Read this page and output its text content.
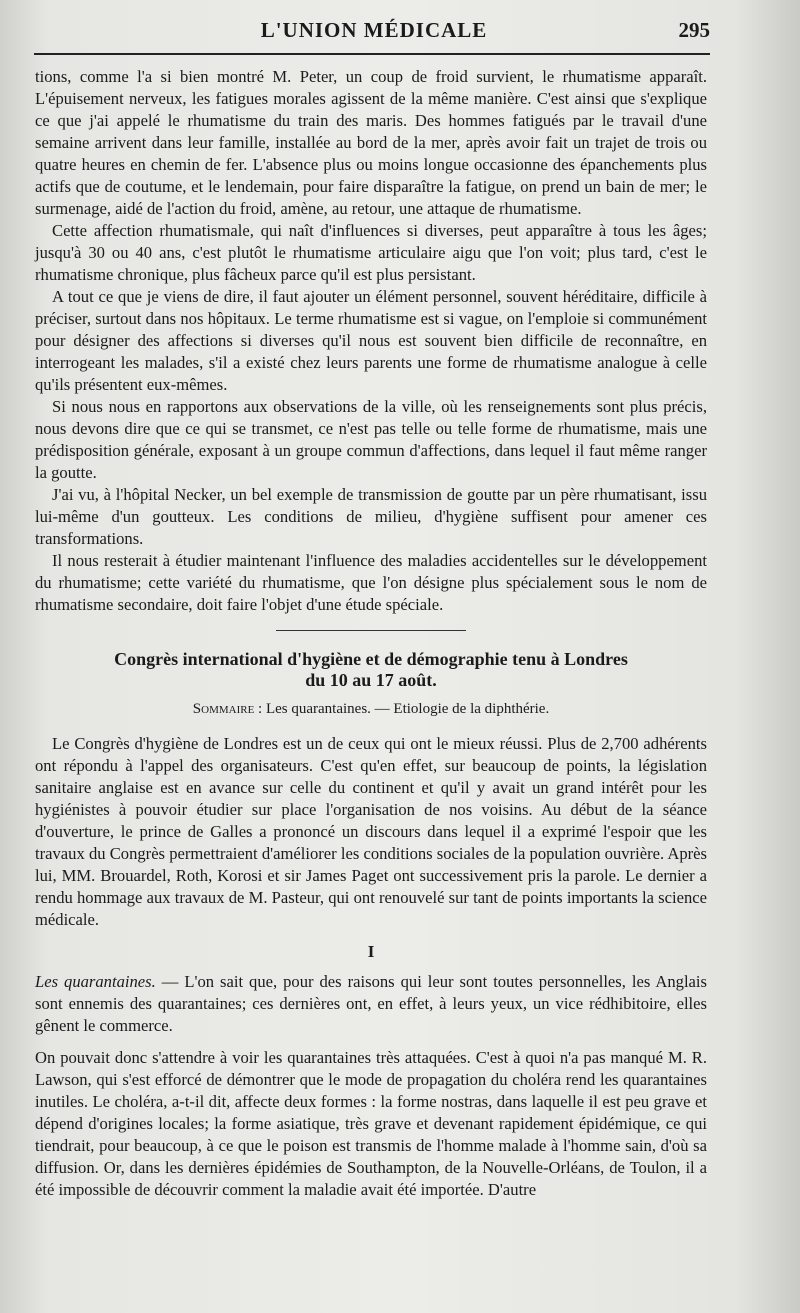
L'UNION MÉDICALE	295

tions, comme l'a si bien montré M. Peter, un coup de froid survient, le rhumatisme apparaît. L'épuisement nerveux, les fatigues morales agissent de la même manière. C'est ainsi que s'explique ce que j'ai appelé le rhumatisme du train des maris. Des hommes fatigués par le travail d'une semaine arrivent dans leur famille, installée au bord de la mer, après avoir fait un trajet de trois ou quatre heures en chemin de fer. L'absence plus ou moins longue occasionne des épanchements plus actifs que de coutume, et le lendemain, pour faire disparaître la fatigue, on prend un bain de mer; le surmenage, aidé de l'action du froid, amène, au retour, une attaque de rhumatisme.

Cette affection rhumatismale, qui naît d'influences si diverses, peut apparaître à tous les âges; jusqu'à 30 ou 40 ans, c'est plutôt le rhumatisme articulaire aigu que l'on voit; plus tard, c'est le rhumatisme chronique, plus fâcheux parce qu'il est plus persistant.

A tout ce que je viens de dire, il faut ajouter un élément personnel, souvent héréditaire, difficile à préciser, surtout dans nos hôpitaux. Le terme rhumatisme est si vague, on l'emploie si communément pour désigner des affections si diverses qu'il nous est souvent bien difficile de reconnaître, en interrogeant les malades, s'il a existé chez leurs parents une forme de rhumatisme analogue à celle qu'ils présentent eux-mêmes.

Si nous nous en rapportons aux observations de la ville, où les renseignements sont plus précis, nous devons dire que ce qui se transmet, ce n'est pas telle ou telle forme de rhumatisme, mais une prédisposition générale, exposant à un groupe commun d'affections, dans lequel il faut même ranger la goutte.

J'ai vu, à l'hôpital Necker, un bel exemple de transmission de goutte par un père rhumatisant, issu lui-même d'un goutteux. Les conditions de milieu, d'hygiène suffisent pour amener ces transformations.

Il nous resterait à étudier maintenant l'influence des maladies accidentelles sur le développement du rhumatisme; cette variété du rhumatisme, que l'on désigne plus spécialement sous le nom de rhumatisme secondaire, doit faire l'objet d'une étude spéciale.

Congrès international d'hygiène et de démographie tenu à Londres
du 10 au 17 août.
Sommaire : Les quarantaines. — Etiologie de la diphthérie.

Le Congrès d'hygiène de Londres est un de ceux qui ont le mieux réussi. Plus de 2,700 adhérents ont répondu à l'appel des organisateurs. C'est qu'en effet, sur beaucoup de points, la législation sanitaire anglaise est en avance sur celle du continent et qu'il y avait un grand intérêt pour les hygiénistes à pouvoir étudier sur place l'organisation de nos voisins. Au début de la séance d'ouverture, le prince de Galles a prononcé un discours dans lequel il a exprimé l'espoir que les travaux du Congrès permettraient d'améliorer les conditions sociales de la population ouvrière. Après lui, MM. Brouardel, Roth, Korosi et sir James Paget ont successivement pris la parole. Le dernier a rendu hommage aux travaux de M. Pasteur, qui ont renouvelé sur tant de points importants la science médicale.

I

Les quarantaines. — L'on sait que, pour des raisons qui leur sont toutes personnelles, les Anglais sont ennemis des quarantaines; ces dernières ont, en effet, à leurs yeux, un vice rédhibitoire, elles gênent le commerce.

On pouvait donc s'attendre à voir les quarantaines très attaquées. C'est à quoi n'a pas manqué M. R. Lawson, qui s'est efforcé de démontrer que le mode de propagation du choléra rend les quarantaines inutiles. Le choléra, a-t-il dit, affecte deux formes : la forme nostras, dans laquelle il est peu grave et dépend d'origines locales; la forme asiatique, très grave et devenant rapidement épidémique, ce qui tiendrait, pour beaucoup, à ce que le poison est transmis de l'homme malade à l'homme sain, d'où sa diffusion. Or, dans les dernières épidémies de Southampton, de la Nouvelle-Orléans, de Toulon, il a été impossible de découvrir comment la maladie avait été importée. D'autre
